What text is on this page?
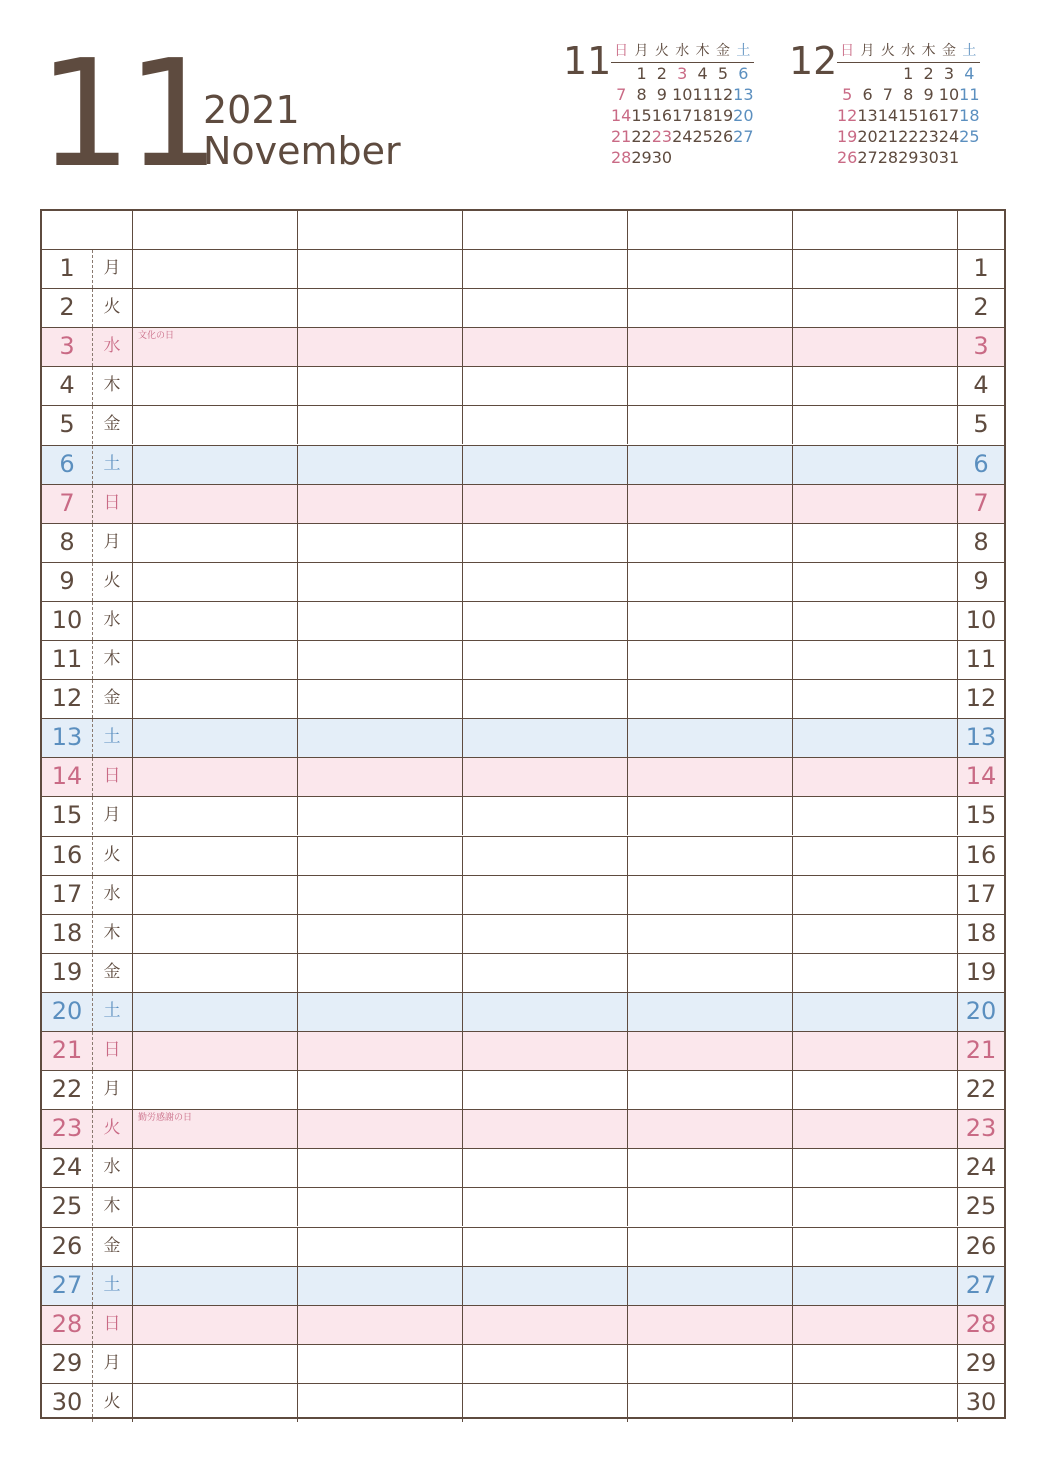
11
2021
November
11 日	月	火	水	木	金	土
	1	2	3	4	5	6
7	8	9	10	11	12	13
14	15	16	17	18	19	20
21	22	23	24	25	26	27
28	29	30				
12 日	月	火	水	木	金	土
			1	2	3	4
5	6	7	8	9	10	11
12	13	14	15	16	17	18
19	20	21	22	23	24	25
26	27	28	29	30	31	
1	月	1
2	火	2
3	水	文化の日	3
4	木	4
5	金	5
6	土	6
7	日	7
8	月	8
9	火	9
10	水	10
11	木	11
12	金	12
13	土	13
14	日	14
15	月	15
16	火	16
17	水	17
18	木	18
19	金	19
20	土	20
21	日	21
22	月	22
23	火	勤労感謝の日	23
24	水	24
25	木	25
26	金	26
27	土	27
28	日	28
29	月	29
30	火	30
